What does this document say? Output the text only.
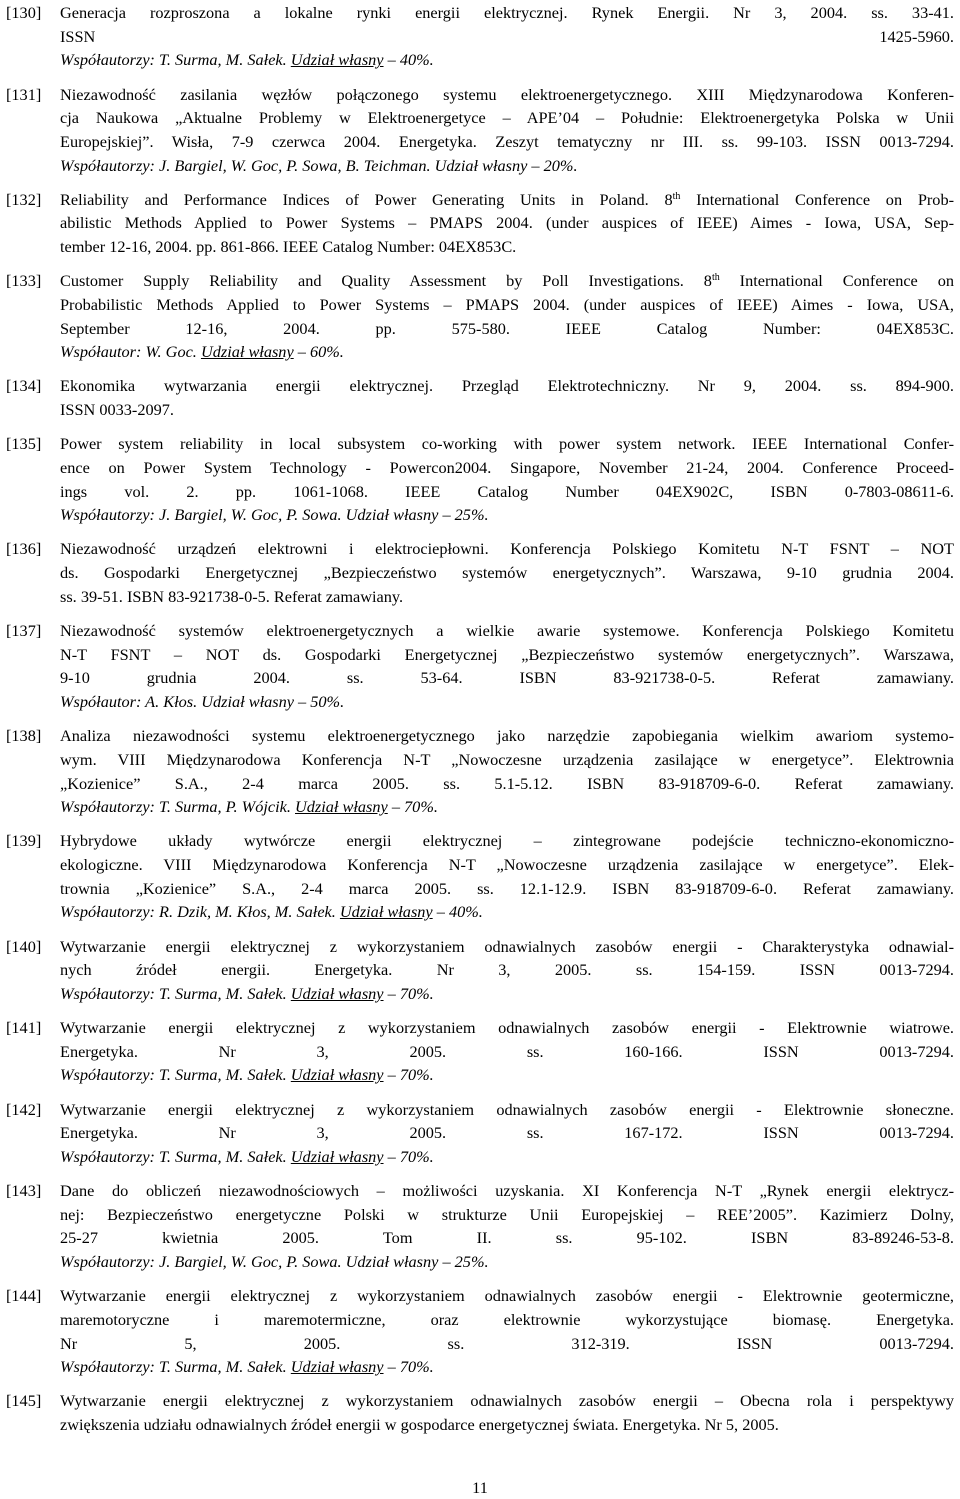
[130]	Generacja rozproszona a lokalne rynki energii elektrycznej. Rynek Energii. Nr 3, 2004. ss. 33-41.
ISSN 1425-5960.
Współautorzy: T. Surma, M. Sałek. Udział własny – 40%.
[131]	Niezawodność zasilania węzłów połączonego systemu elektroenergetycznego. XIII Międzynarodowa Konferen-
cja Naukowa „Aktualne Problemy w Elektroenergetyce – APE’04 – Południe: Elektroenergetyka Polska w Unii
Europejskiej”. Wisła, 7-9 czerwca 2004. Energetyka. Zeszyt tematyczny nr III. ss. 99-103. ISSN 0013-7294.
Współautorzy: J. Bargiel, W. Goc, P. Sowa, B. Teichman. Udział własny – 20%.
[132]	Reliability and Performance Indices of Power Generating Units in Poland. 8th International Conference on Prob-
abilistic Methods Applied to Power Systems – PMAPS 2004. (under auspices of IEEE) Aimes - Iowa, USA, Sep-
tember 12-16, 2004. pp. 861-866. IEEE Catalog Number: 04EX853C.
[133]	Customer Supply Reliability and Quality Assessment by Poll Investigations. 8th International Conference on
Probabilistic Methods Applied to Power Systems – PMAPS 2004. (under auspices of IEEE) Aimes - Iowa, USA,
September 12-16, 2004. pp. 575-580. IEEE Catalog Number: 04EX853C.
Współautor: W. Goc. Udział własny – 60%.
[134]	Ekonomika wytwarzania energii elektrycznej. Przegląd Elektrotechniczny. Nr 9, 2004. ss. 894-900.
ISSN 0033-2097.
[135]	Power system reliability in local subsystem co-working with power system network. IEEE International Confer-
ence on Power System Technology - Powercon2004. Singapore, November 21-24, 2004. Conference Proceed-
ings vol. 2. pp. 1061-1068. IEEE Catalog Number 04EX902C, ISBN 0-7803-08611-6.
Współautorzy: J. Bargiel, W. Goc, P. Sowa. Udział własny – 25%.
[136]	Niezawodność urządzeń elektrowni i elektrociepłowni. Konferencja Polskiego Komitetu N-T FSNT – NOT
ds. Gospodarki Energetycznej „Bezpieczeństwo systemów energetycznych”. Warszawa, 9-10 grudnia 2004.
ss. 39-51. ISBN 83-921738-0-5. Referat zamawiany.
[137]	Niezawodność systemów elektroenergetycznych a wielkie awarie systemowe. Konferencja Polskiego Komitetu
N-T FSNT – NOT ds. Gospodarki Energetycznej „Bezpieczeństwo systemów energetycznych”. Warszawa,
9-10 grudnia 2004. ss. 53-64. ISBN 83-921738-0-5. Referat zamawiany.
Współautor: A. Kłos. Udział własny – 50%.
[138]	Analiza niezawodności systemu elektroenergetycznego jako narzędzie zapobiegania wielkim awariom systemo-
wym. VIII Międzynarodowa Konferencja N-T „Nowoczesne urządzenia zasilające w energetyce”. Elektrownia
„Kozienice” S.A., 2-4 marca 2005. ss. 5.1-5.12. ISBN 83-918709-6-0. Referat zamawiany.
Współautorzy: T. Surma, P. Wójcik. Udział własny – 70%.
[139]	Hybrydowe układy wytwórcze energii elektrycznej – zintegrowane podejście techniczno-ekonomiczno-
ekologiczne. VIII Międzynarodowa Konferencja N-T „Nowoczesne urządzenia zasilające w energetyce”. Elek-
trownia „Kozienice” S.A., 2-4 marca 2005. ss. 12.1-12.9. ISBN 83-918709-6-0. Referat zamawiany.
Współautorzy: R. Dzik, M. Kłos, M. Sałek. Udział własny – 40%.
[140]	Wytwarzanie energii elektrycznej z wykorzystaniem odnawialnych zasobów energii - Charakterystyka odnawial-
nych źródeł energii. Energetyka. Nr 3, 2005. ss. 154-159. ISSN 0013-7294.
Współautorzy: T. Surma, M. Sałek. Udział własny – 70%.
[141]	Wytwarzanie energii elektrycznej z wykorzystaniem odnawialnych zasobów energii - Elektrownie wiatrowe.
Energetyka. Nr 3, 2005. ss. 160-166. ISSN 0013-7294.
Współautorzy: T. Surma, M. Sałek. Udział własny – 70%.
[142]	Wytwarzanie energii elektrycznej z wykorzystaniem odnawialnych zasobów energii - Elektrownie słoneczne.
Energetyka. Nr 3, 2005. ss. 167-172. ISSN 0013-7294.
Współautorzy: T. Surma, M. Sałek. Udział własny – 70%.
[143]	Dane do obliczeń niezawodnościowych – możliwości uzyskania. XI Konferencja N-T „Rynek energii elektrycz-
nej: Bezpieczeństwo energetyczne Polski w strukturze Unii Europejskiej – REE’2005”. Kazimierz Dolny,
25-27 kwietnia 2005. Tom II. ss. 95-102. ISBN 83-89246-53-8.
Współautorzy: J. Bargiel, W. Goc, P. Sowa. Udział własny – 25%.
[144]	Wytwarzanie energii elektrycznej z wykorzystaniem odnawialnych zasobów energii - Elektrownie geotermiczne,
maremotoryczne i maremotermiczne, oraz elektrownie wykorzystujące biomasę. Energetyka.
Nr 5, 2005. ss. 312-319. ISSN 0013-7294.
Współautorzy: T. Surma, M. Sałek. Udział własny – 70%.
[145]	Wytwarzanie energii elektrycznej z wykorzystaniem odnawialnych zasobów energii – Obecna rola i perspektywy
zwiększenia udziału odnawialnych źródeł energii w gospodarce energetycznej świata. Energetyka. Nr 5, 2005.
11
